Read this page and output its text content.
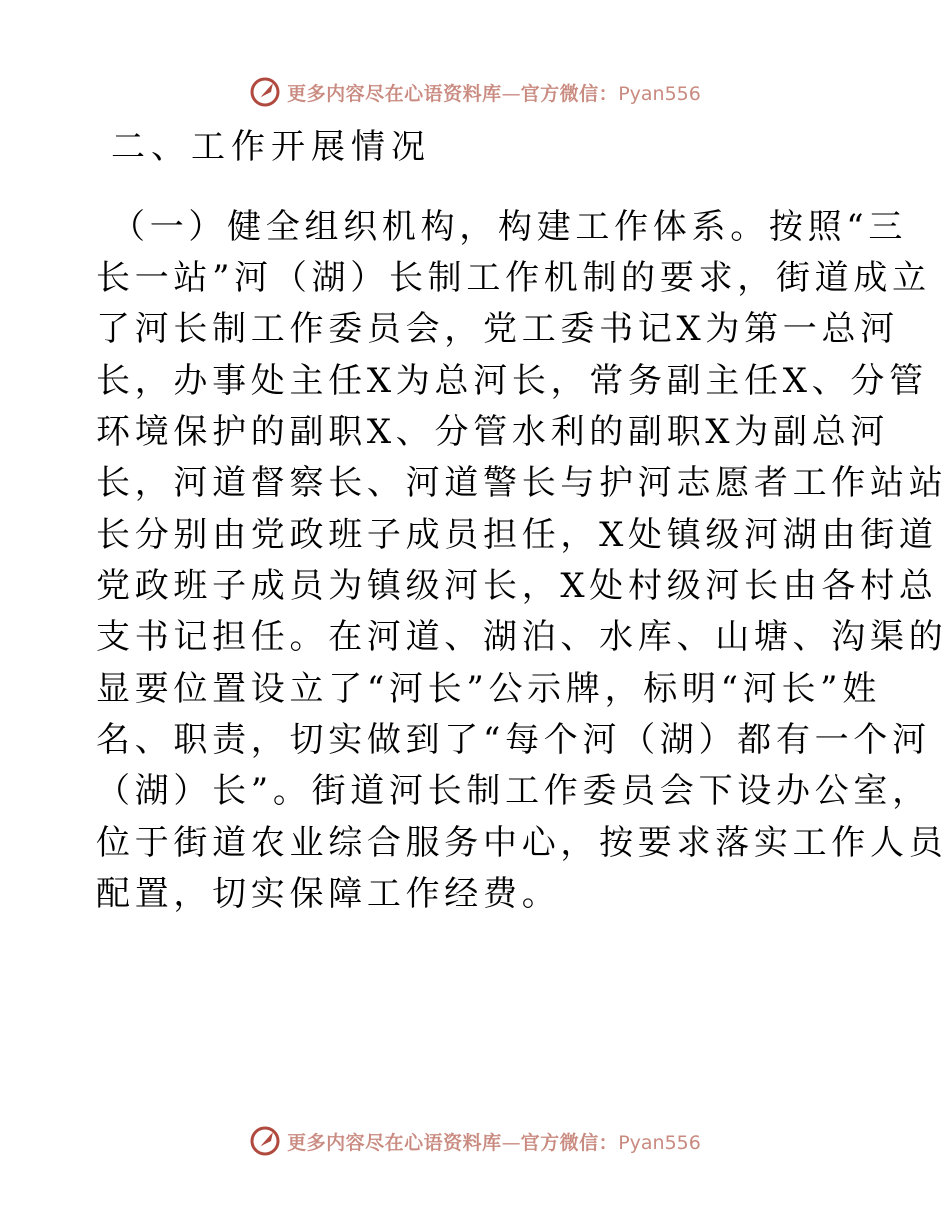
更多内容尽在心语资料库—官方微信：Pyan556
二、工作开展情况
（一）健全组织机构，构建工作体系。按照“三
长一站”河（湖）长制工作机制的要求，街道成立
了河长制工作委员会，党工委书记X为第一总河
长，办事处主任X为总河长，常务副主任X、分管
环境保护的副职X、分管水利的副职X为副总河
长，河道督察长、河道警长与护河志愿者工作站站
长分别由党政班子成员担任，X处镇级河湖由街道
党政班子成员为镇级河长，X处村级河长由各村总
支书记担任。在河道、湖泊、水库、山塘、沟渠的
显要位置设立了“河长”公示牌，标明“河长”姓
名、职责，切实做到了“每个河（湖）都有一个河
（湖）长”。街道河长制工作委员会下设办公室，
位于街道农业综合服务中心，按要求落实工作人员
配置，切实保障工作经费。
更多内容尽在心语资料库—官方微信：Pyan556
